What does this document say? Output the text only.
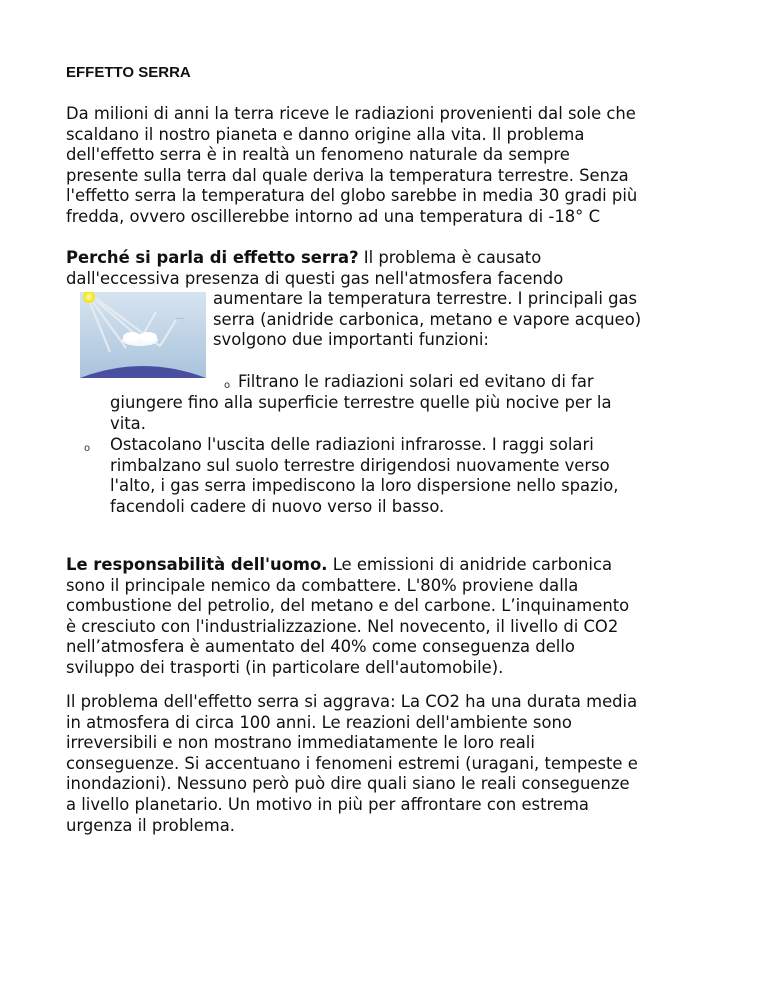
EFFETTO SERRA
Da milioni di anni la terra riceve le radiazioni provenienti dal sole che
scaldano il nostro pianeta e danno origine alla vita. Il problema
dell'effetto serra è in realtà un fenomeno naturale da sempre
presente sulla terra dal quale deriva la temperatura terrestre. Senza
l'effetto serra la temperatura del globo sarebbe in media 30 gradi più
fredda, ovvero oscillerebbe intorno ad una temperatura di -18° C
Perché si parla di effetto serra? Il problema è causato
dall'eccessiva presenza di questi gas nell'atmosfera facendo
aumentare la temperatura terrestre. I principali gas
serra (anidride carbonica, metano e vapore acqueo)
svolgono due importanti funzioni:
~~~
o Filtrano le radiazioni solari ed evitano di far
giungere fino alla superficie terrestre quelle più nocive per la
vita.
o Ostacolano l'uscita delle radiazioni infrarosse. I raggi solari
rimbalzano sul suolo terrestre dirigendosi nuovamente verso
l'alto, i gas serra impediscono la loro dispersione nello spazio,
facendoli cadere di nuovo verso il basso.
Le responsabilità dell'uomo. Le emissioni di anidride carbonica
sono il principale nemico da combattere. L'80% proviene dalla
combustione del petrolio, del metano e del carbone. L’inquinamento
è cresciuto con l'industrializzazione. Nel novecento, il livello di CO2
nell’atmosfera è aumentato del 40% come conseguenza dello
sviluppo dei trasporti (in particolare dell'automobile).
Il problema dell'effetto serra si aggrava: La CO2 ha una durata media
in atmosfera di circa 100 anni. Le reazioni dell'ambiente sono
irreversibili e non mostrano immediatamente le loro reali
conseguenze. Si accentuano i fenomeni estremi (uragani, tempeste e
inondazioni). Nessuno però può dire quali siano le reali conseguenze
a livello planetario. Un motivo in più per affrontare con estrema
urgenza il problema.
